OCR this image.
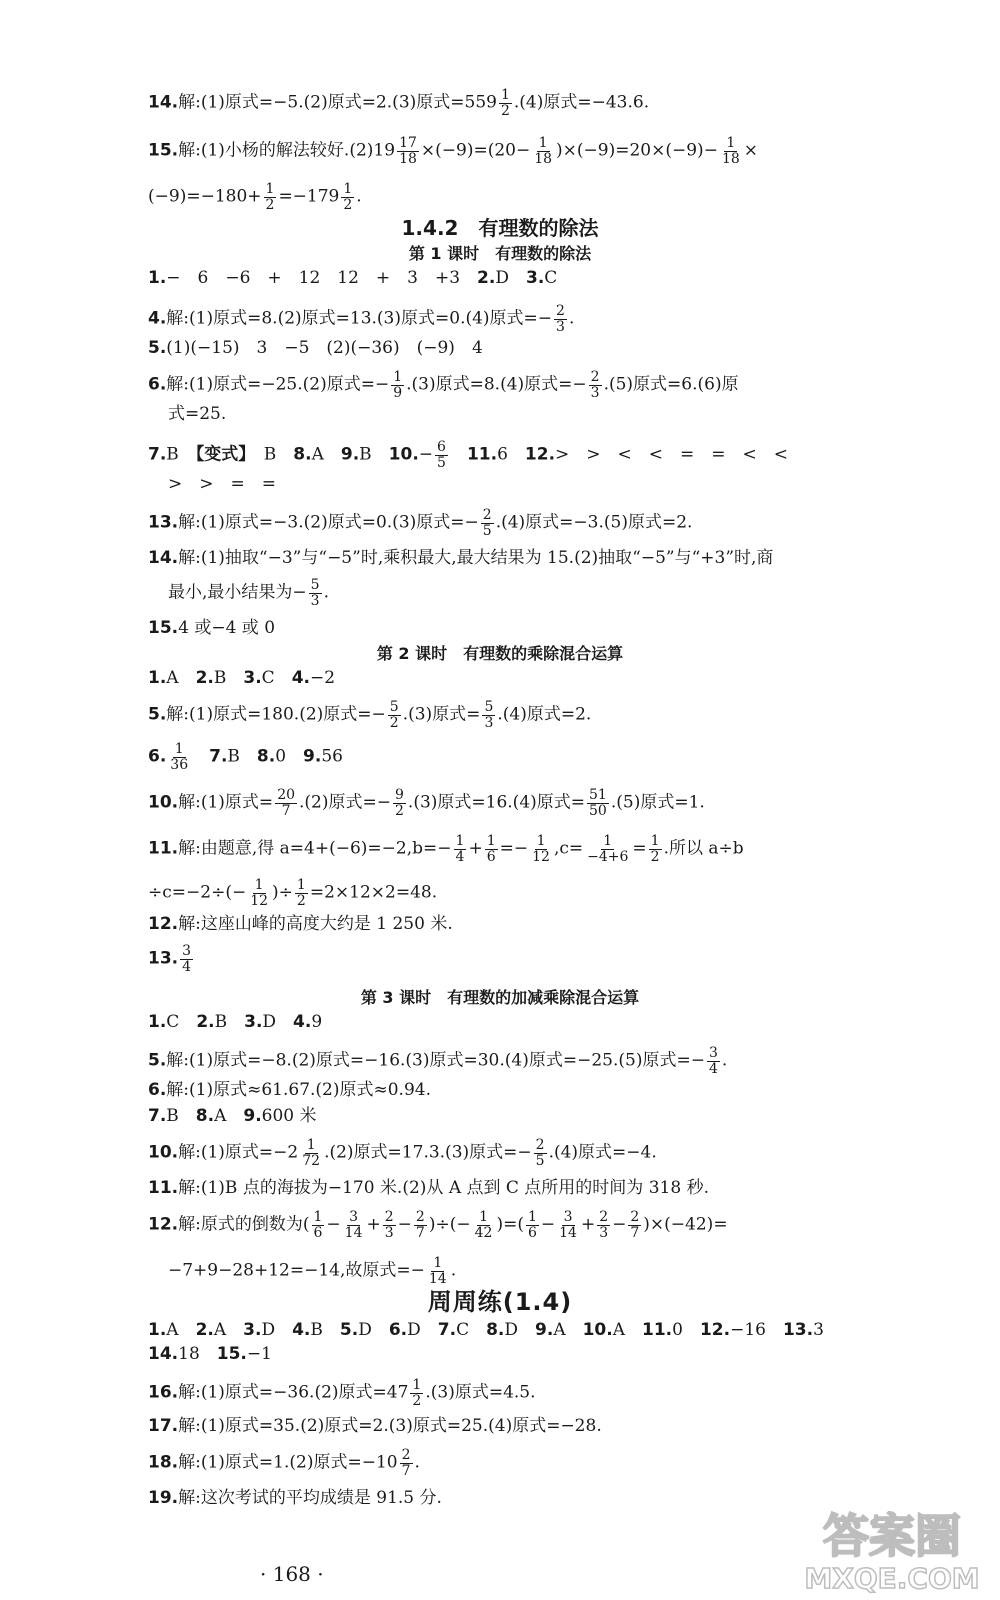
14.解:(1)原式=−5.(2)原式=2.(3)原式$=559 \frac{1}{2} .(4)$原式=−43.6.
15.解:(1)小杨的解法较好$.(2)19 \frac{17}{18} \times(-9)=(20- \frac{1}{18} )\times(-9)=20\times(-9)- \frac{1}{18}$ ×
$(-9)=-180+ \frac{1}{2} =-179 \frac{1}{2}$ .
1.4.2　有理数的除法
第 1 课时　有理数的除法
1.−　6　−6　+　12　12　+　3　+3　 2.D　 3.C
4.解:(1)原式=8.(2)原式=13.(3)原式=0.(4)原式=− $\frac{2}{3}$ .
5.(1)(−15)　3　−5　(2)(−36)　(−9)　4
6.解:(1)原式=−25.(2)原式=− $\frac{1}{9} .(3)$原式=8.(4)原式=− $\frac{2}{3} .(5)$原式=6.(6)原
式=25.
7.B　 【变式】　 B　 8.A　 9.B　 $10.- \frac{6}{5}$
　 11.6　 12.>　>　<　<　=　=　<　<
>　>　=　=
13.解:(1)原式=−3.(2)原式=0.(3)原式=− $\frac{2}{5} .(4)$原式=−3.(5)原式=2.
14.解:(1)抽取“−3”与“−5”时,乘积最大,最大结果为 15.(2)抽取“−5”与“+3”时,商
最小,最小结果为− $\frac{5}{3}$ .
15.4 或−4 或 0
第 2 课时　有理数的乘除混合运算
1.A　 2.B　 3.C　 4.−2
5.解:(1)原式=180.(2)原式=− $\frac{5}{2} .(3)$原式= $\frac{5}{3} .(4)$原式=2.
6. $\frac{1}{36}$
　 7.B　 8.0　 9.56
10.解:(1)原式= $\frac{20}{7} .(2)$原式=− $\frac{9}{2} .(3)$原式=16.(4)原式= $\frac{51}{50} .(5)$原式=1.
11.解:由题意,得 $a=4+(-6)=-2,b=- \frac{1}{4} + \frac{1}{6} =- \frac{1}{12} ,c= \frac{1}{-4+6} = \frac{1}{2}$ .所以 a÷b
$\div c=-2\div(- \frac{1}{12}$ )÷ $\frac{1}{2} =2\times 12\times 2=48$.
12.解:这座山峰的高度大约是 1 250 米.
13. $\frac{3}{4}$
第 3 课时　有理数的加减乘除混合运算
1.C　 2.B　 3.D　 4.9
5.解:(1)原式=−8.(2)原式=−16.(3)原式=30.(4)原式=−25.(5)原式=− $\frac{3}{4}$ .
6.解:(1)原式≈61.67.(2)原式≈0.94.
7.B　 8.A　 9.600 米
10.解:(1)原式$=-2 \frac{1}{72} .(2)$原式=17.3.(3)原式=− $\frac{2}{5} .(4)$原式=−4.
11.解:(1)B 点的海拔为−170 米.(2)从 A 点到 C 点所用的时间为 318 秒.
12.解:原式的倒数为( $\frac{1}{6} - \frac{3}{14} + \frac{2}{3} - \frac{2}{7}$ )÷(− $\frac{1}{42}$ )=( $\frac{1}{6} - \frac{3}{14} + \frac{2}{3} - \frac{2}{7} )\times(-42)=$
−7+9−28+12=−14,故原式=− $\frac{1}{14}$ .
周周练(1.4)
1.A　 2.A　 3.D　 4.B　 5.D　 6.D　 7.C　 8.D　 9.A　 10.A　 11.0　 12.−16　 13.3
14.18　 15.−1
16.解:(1)原式=−36.(2)原式$=47 \frac{1}{2} .(3)$原式=4.5.
17.解:(1)原式=35.(2)原式=2.(3)原式=25.(4)原式=−28.
18.解:(1)原式=1.(2)原式$=-10 \frac{2}{7}$ .
19.解:这次考试的平均成绩是 91.5 分.
· 168 ·
答案圈
MXQE.COM
